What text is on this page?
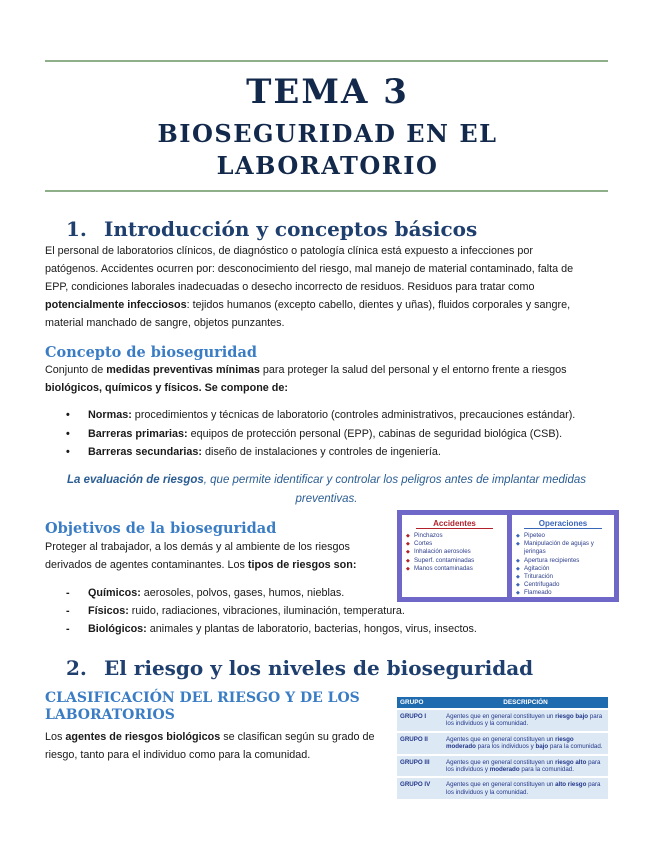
TEMA 3
BIOSEGURIDAD EN EL
LABORATORIO
1. Introducción y conceptos básicos
El personal de laboratorios clínicos, de diagnóstico o patología clínica está expuesto a infecciones por
patógenos. Accidentes ocurren por: desconocimiento del riesgo, mal manejo de material contaminado, falta de
EPP, condiciones laborales inadecuadas o desecho incorrecto de residuos. Residuos para tratar como
potencialmente infecciosos: tejidos humanos (excepto cabello, dientes y uñas), fluidos corporales y sangre,
material manchado de sangre, objetos punzantes.
Concepto de bioseguridad
Conjunto de medidas preventivas mínimas para proteger la salud del personal y el entorno frente a riesgos
biológicos, químicos y físicos. Se compone de:
• Normas: procedimientos y técnicas de laboratorio (controles administrativos, precauciones estándar).
• Barreras primarias: equipos de protección personal (EPP), cabinas de seguridad biológica (CSB).
• Barreras secundarias: diseño de instalaciones y controles de ingeniería.
La evaluación de riesgos, que permite identificar y controlar los peligros antes de implantar medidas
preventivas.
Objetivos de la bioseguridad
Proteger al trabajador, a los demás y al ambiente de los riesgos
derivados de agentes contaminantes. Los tipos de riesgos son:
- Químicos: aerosoles, polvos, gases, humos, nieblas.
- Físicos: ruido, radiaciones, vibraciones, iluminación, temperatura.
- Biológicos: animales y plantas de laboratorio, bacterias, hongos, virus, insectos.
Accidentes
◆ Pinchazos
◆ Cortes
◆ Inhalación aerosoles
◆ Superf. contaminadas
◆ Manos contaminadas
Operaciones
◆ Pipeteo
◆ Manipulación de agujas y jeringas
◆ Apertura recipientes
◆ Agitación
◆ Trituración
◆ Centrifugado
◆ Flameado
2. El riesgo y los niveles de bioseguridad
CLASIFICACIÓN DEL RIESGO Y DE LOS
LABORATORIOS
Los agentes de riesgos biológicos se clasifican según su grado de
riesgo, tanto para el individuo como para la comunidad.
GRUPO	DESCRIPCIÓN
GRUPO I	Agentes que en general constituyen un riesgo bajo para los individuos y la comunidad.
GRUPO II	Agentes que en general constituyen un riesgo moderado para los individuos y bajo para la comunidad.
GRUPO III	Agentes que en general constituyen un riesgo alto para los individuos y moderado para la comunidad.
GRUPO IV	Agentes que en general constituyen un alto riesgo para los individuos y la comunidad.
